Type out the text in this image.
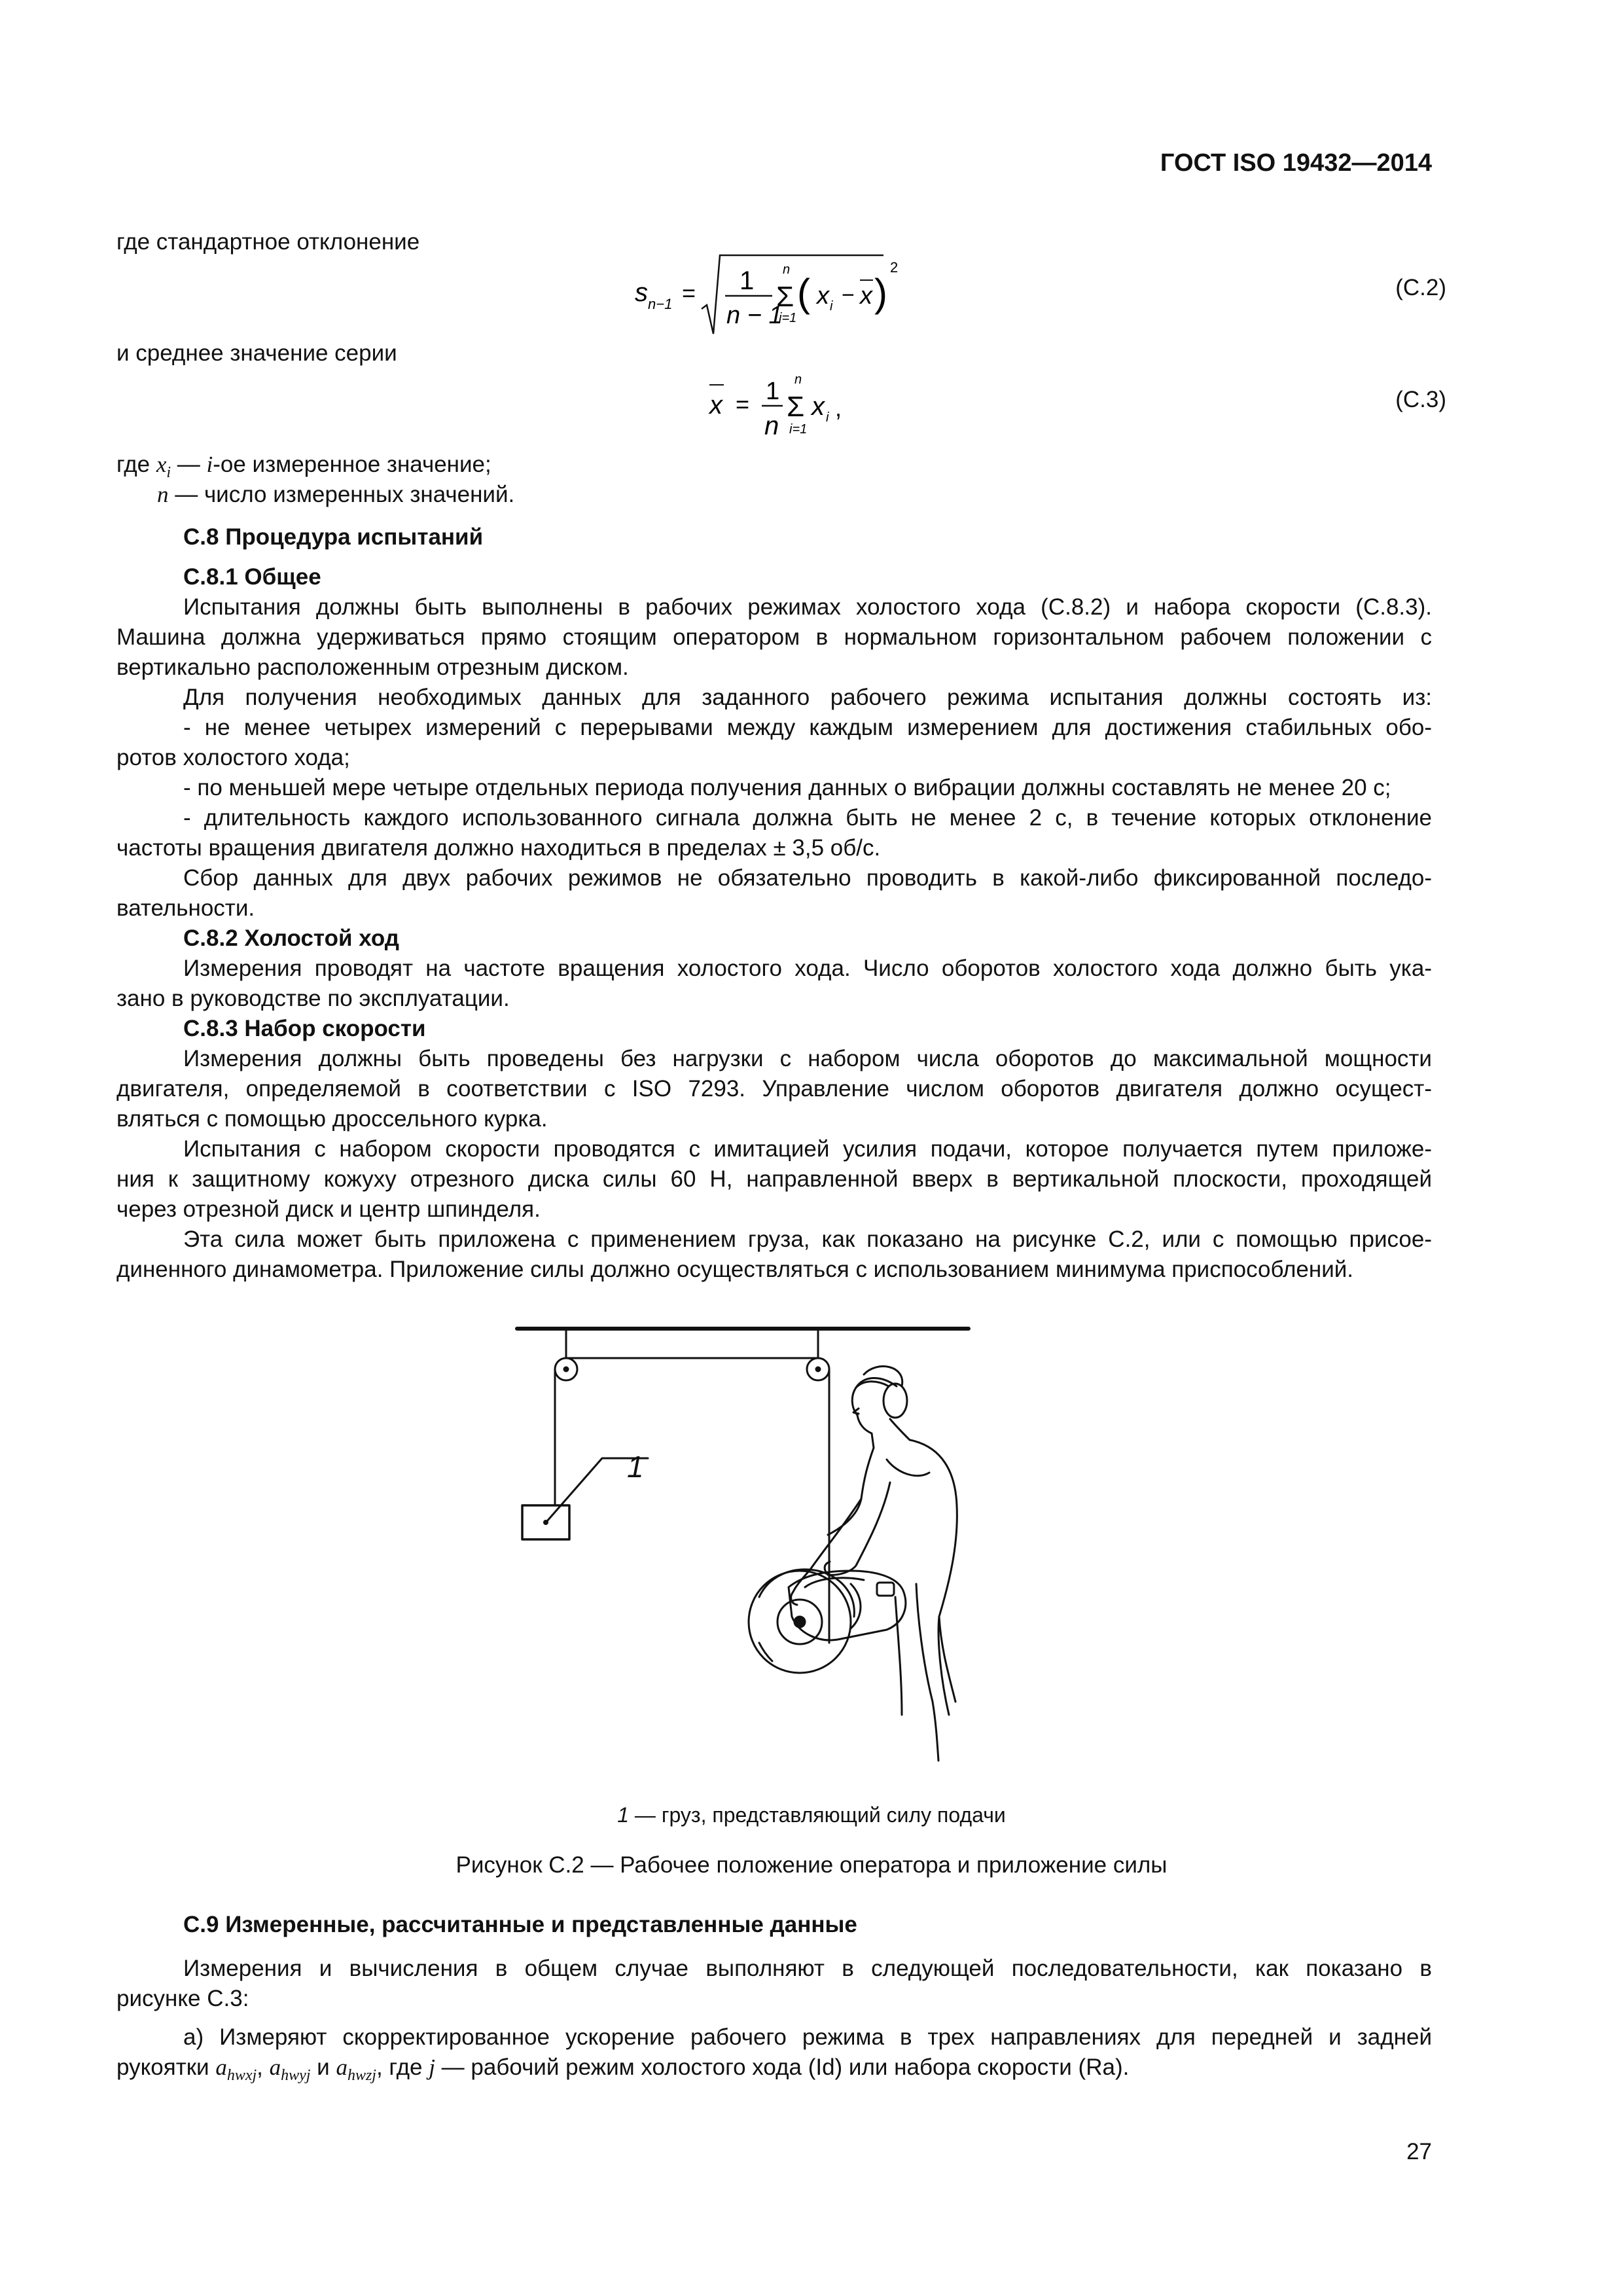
ГОСТ ISO 19432—2014
где стандартное отклонение
s n−1 = 1
n − 1
n
Σ
i=1
( x i − x )
2
(C.2)
и среднее значение серии
x = 1
n
n
Σ
i=1
x i ,	(C.3)
где $x_i$ — i-ое измеренное значение;
n — число измеренных значений.
С.8 Процедура испытаний
С.8.1 Общее
Испытания должны быть выполнены в рабочих режимах холостого хода (С.8.2) и набора скорости (С.8.3).
Машина должна удерживаться прямо стоящим оператором в нормальном горизонтальном рабочем положении с
вертикально расположенным отрезным диском.
Для получения необходимых данных для заданного рабочего режима испытания должны состоять из:
- не менее четырех измерений с перерывами между каждым измерением для достижения стабильных обо-
ротов холостого хода;
- по меньшей мере четыре отдельных периода получения данных о вибрации должны составлять не менее 20 с;
- длительность каждого использованного сигнала должна быть не менее 2 с, в течение которых отклонение
частоты вращения двигателя должно находиться в пределах ± 3,5 об/с.
Сбор данных для двух рабочих режимов не обязательно проводить в какой-либо фиксированной последо-
вательности.
С.8.2 Холостой ход
Измерения проводят на частоте вращения холостого хода. Число оборотов холостого хода должно быть ука-
зано в руководстве по эксплуатации.
С.8.3 Набор скорости
Измерения должны быть проведены без нагрузки с набором числа оборотов до максимальной мощности
двигателя, определяемой в соответствии с ISO 7293. Управление числом оборотов двигателя должно осущест-
вляться с помощью дроссельного курка.
Испытания с набором скорости проводятся с имитацией усилия подачи, которое получается путем приложе-
ния к защитному кожуху отрезного диска силы 60 Н, направленной вверх в вертикальной плоскости, проходящей
через отрезной диск и центр шпинделя.
Эта сила может быть приложена с применением груза, как показано на рисунке С.2, или с помощью присое-
диненного динамометра. Приложение силы должно осуществляться с использованием минимума приспособлений.
1
1 — груз, представляющий силу подачи
Рисунок С.2 — Рабочее положение оператора и приложение силы
С.9 Измеренные, рассчитанные и представленные данные
Измерения и вычисления в общем случае выполняют в следующей последовательности, как показано в
рисунке С.3:
а) Измеряют скорректированное ускорение рабочего режима в трех направлениях для передней и задней
рукоятки $a_{hwxj}$, $a_{hwyj}$ и $a_{hwzj}$, где j — рабочий режим холостого хода (Id) или набора скорости (Ra).
27
